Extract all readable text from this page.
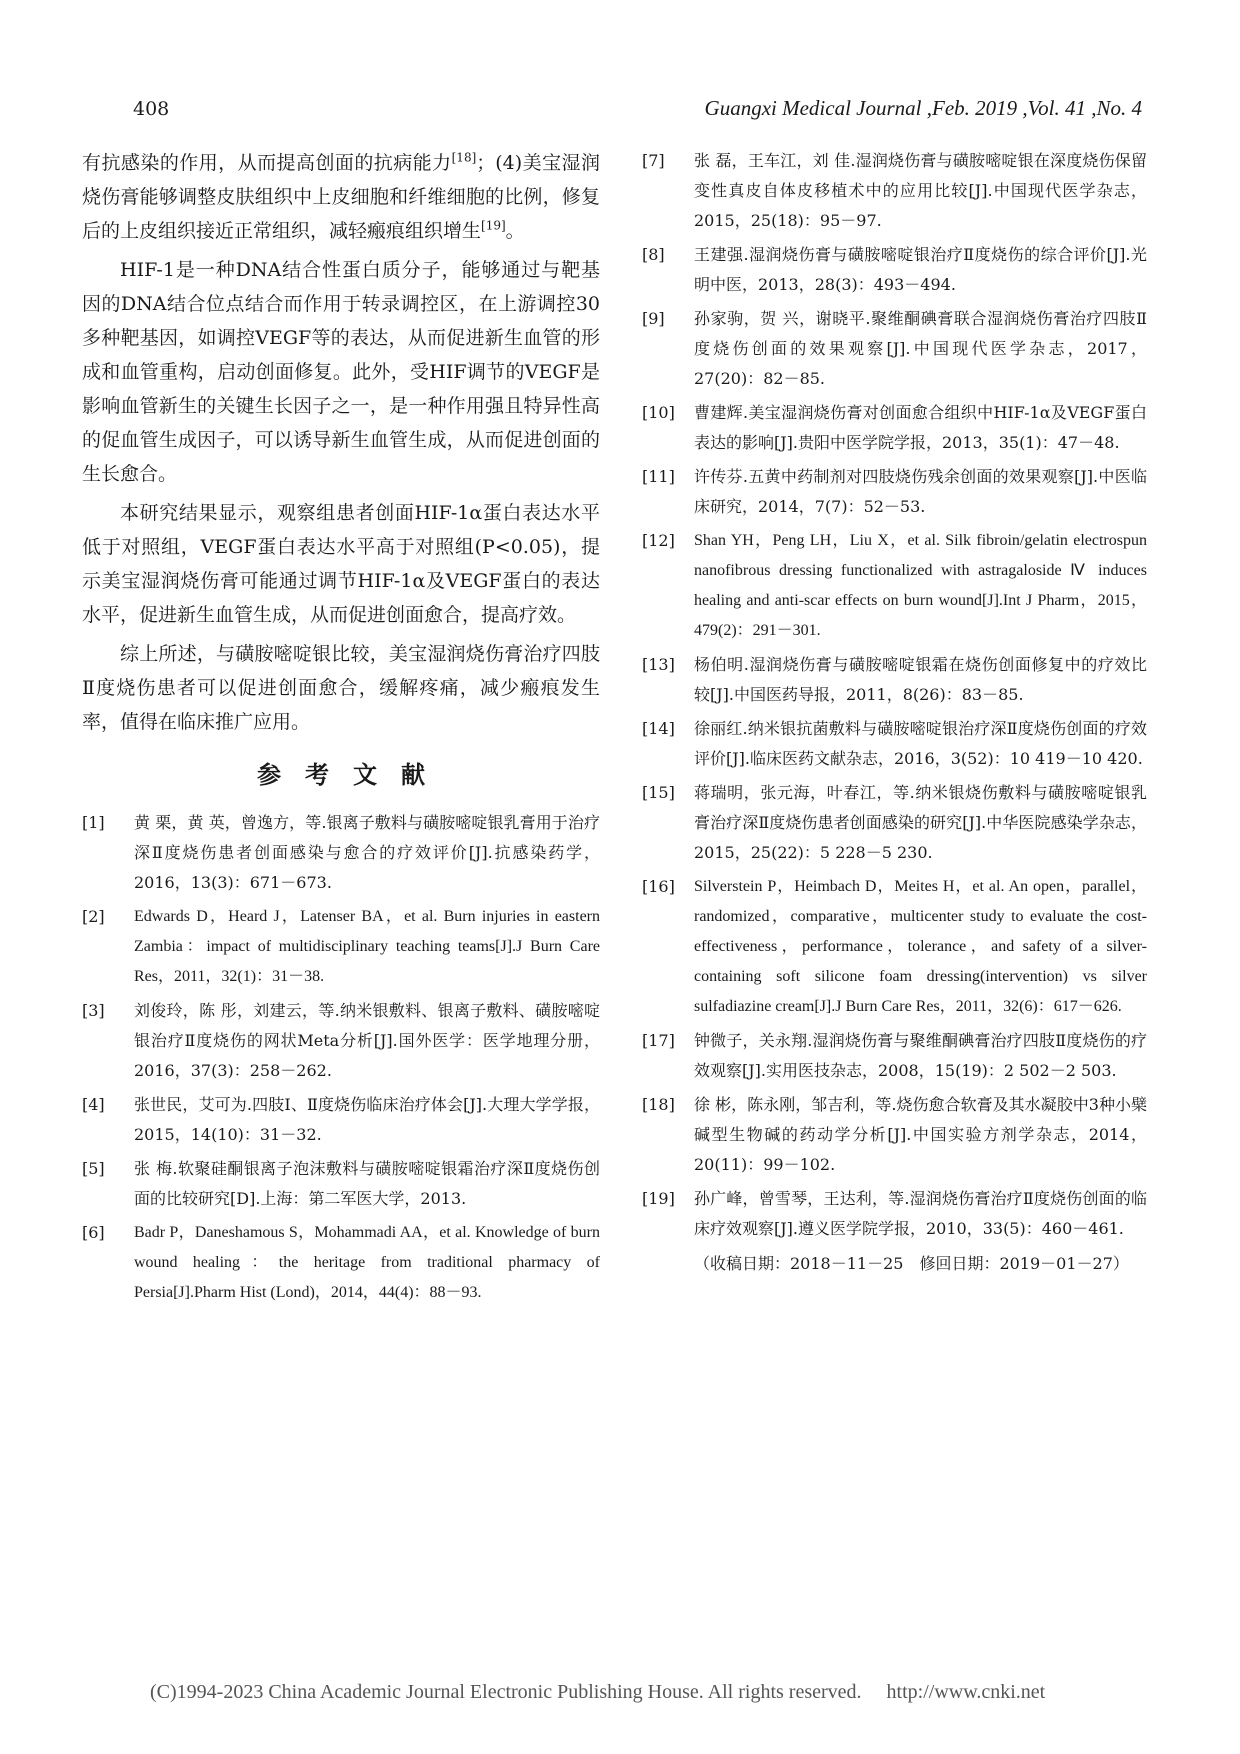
408	Guangxi Medical Journal ,Feb. 2019 ,Vol. 41 ,No. 4

有抗感染的作用，从而提高创面的抗病能力[18]；(4)美宝湿润烧伤膏能够调整皮肤组织中上皮细胞和纤维细胞的比例，修复后的上皮组织接近正常组织，减轻瘢痕组织增生[19]。

HIF-1是一种DNA结合性蛋白质分子，能够通过与靶基因的DNA结合位点结合而作用于转录调控区，在上游调控30多种靶基因，如调控VEGF等的表达，从而促进新生血管的形成和血管重构，启动创面修复。此外，受HIF调节的VEGF是影响血管新生的关键生长因子之一，是一种作用强且特异性高的促血管生成因子，可以诱导新生血管生成，从而促进创面的生长愈合。

本研究结果显示，观察组患者创面HIF-1α蛋白表达水平低于对照组，VEGF蛋白表达水平高于对照组(P<0.05)，提示美宝湿润烧伤膏可能通过调节HIF-1α及VEGF蛋白的表达水平，促进新生血管生成，从而促进创面愈合，提高疗效。

综上所述，与磺胺嘧啶银比较，美宝湿润烧伤膏治疗四肢Ⅱ度烧伤患者可以促进创面愈合，缓解疼痛，减少瘢痕发生率，值得在临床推广应用。

参考文献
[1]	黄 栗，黄 英，曾逸方，等.银离子敷料与磺胺嘧啶银乳膏用于治疗深Ⅱ度烧伤患者创面感染与愈合的疗效评价[J].抗感染药学，2016，13(3)：671－673.
[2]	Edwards D，Heard J，Latenser BA，et al. Burn injuries in eastern Zambia：impact of multidisciplinary teaching teams[J].J Burn Care Res，2011，32(1)：31－38.
[3]	刘俊玲，陈 彤，刘建云，等.纳米银敷料、银离子敷料、磺胺嘧啶银治疗Ⅱ度烧伤的网状Meta分析[J].国外医学：医学地理分册，2016，37(3)：258－262.
[4]	张世民，艾可为.四肢Ⅰ、Ⅱ度烧伤临床治疗体会[J].大理大学学报，2015，14(10)：31－32.
[5]	张 梅.软聚硅酮银离子泡沫敷料与磺胺嘧啶银霜治疗深Ⅱ度烧伤创面的比较研究[D].上海：第二军医大学，2013.
[6]	Badr P，Daneshamous S，Mohammadi AA，et al. Knowledge of burn wound healing：the heritage from traditional pharmacy of Persia[J].Pharm Hist (Lond)，2014，44(4)：88－93.
[7]	张 磊，王车江，刘 佳.湿润烧伤膏与磺胺嘧啶银在深度烧伤保留变性真皮自体皮移植术中的应用比较[J].中国现代医学杂志，2015，25(18)：95－97.
[8]	王建强.湿润烧伤膏与磺胺嘧啶银治疗Ⅱ度烧伤的综合评价[J].光明中医，2013，28(3)：493－494.
[9]	孙家驹，贺 兴，谢晓平.聚维酮碘膏联合湿润烧伤膏治疗四肢Ⅱ度烧伤创面的效果观察[J].中国现代医学杂志，2017，27(20)：82－85.
[10]	曹建辉.美宝湿润烧伤膏对创面愈合组织中HIF-1α及VEGF蛋白表达的影响[J].贵阳中医学院学报，2013，35(1)：47－48.
[11]	许传芬.五黄中药制剂对四肢烧伤残余创面的效果观察[J].中医临床研究，2014，7(7)：52－53.
[12]	Shan YH，Peng LH，Liu X，et al. Silk fibroin/gelatin electrospun nanofibrous dressing functionalized with astragaloside Ⅳ induces healing and anti-scar effects on burn wound[J].Int J Pharm，2015，479(2)：291－301.
[13]	杨伯明.湿润烧伤膏与磺胺嘧啶银霜在烧伤创面修复中的疗效比较[J].中国医药导报，2011，8(26)：83－85.
[14]	徐丽红.纳米银抗菌敷料与磺胺嘧啶银治疗深Ⅱ度烧伤创面的疗效评价[J].临床医药文献杂志，2016，3(52)：10 419－10 420.
[15]	蒋瑞明，张元海，叶春江，等.纳米银烧伤敷料与磺胺嘧啶银乳膏治疗深Ⅱ度烧伤患者创面感染的研究[J].中华医院感染学杂志，2015，25(22)：5 228－5 230.
[16]	Silverstein P，Heimbach D，Meites H，et al. An open，parallel，randomized，comparative，multicenter study to evaluate the cost-effectiveness，performance，tolerance，and safety of a silver-containing soft silicone foam dressing(intervention) vs silver sulfadiazine cream[J].J Burn Care Res，2011，32(6)：617－626.
[17]	钟微子，关永翔.湿润烧伤膏与聚维酮碘膏治疗四肢Ⅱ度烧伤的疗效观察[J].实用医技杂志，2008，15(19)：2 502－2 503.
[18]	徐 彬，陈永刚，邹吉利，等.烧伤愈合软膏及其水凝胶中3种小檗碱型生物碱的药动学分析[J].中国实验方剂学杂志，2014，20(11)：99－102.
[19]	孙广峰，曾雪琴，王达利，等.湿润烧伤膏治疗Ⅱ度烧伤创面的临床疗效观察[J].遵义医学院学报，2010，33(5)：460－461.
（收稿日期：2018－11－25　修回日期：2019－01－27）
(C)1994-2023 China Academic Journal Electronic Publishing House. All rights reserved.　 http://www.cnki.net
